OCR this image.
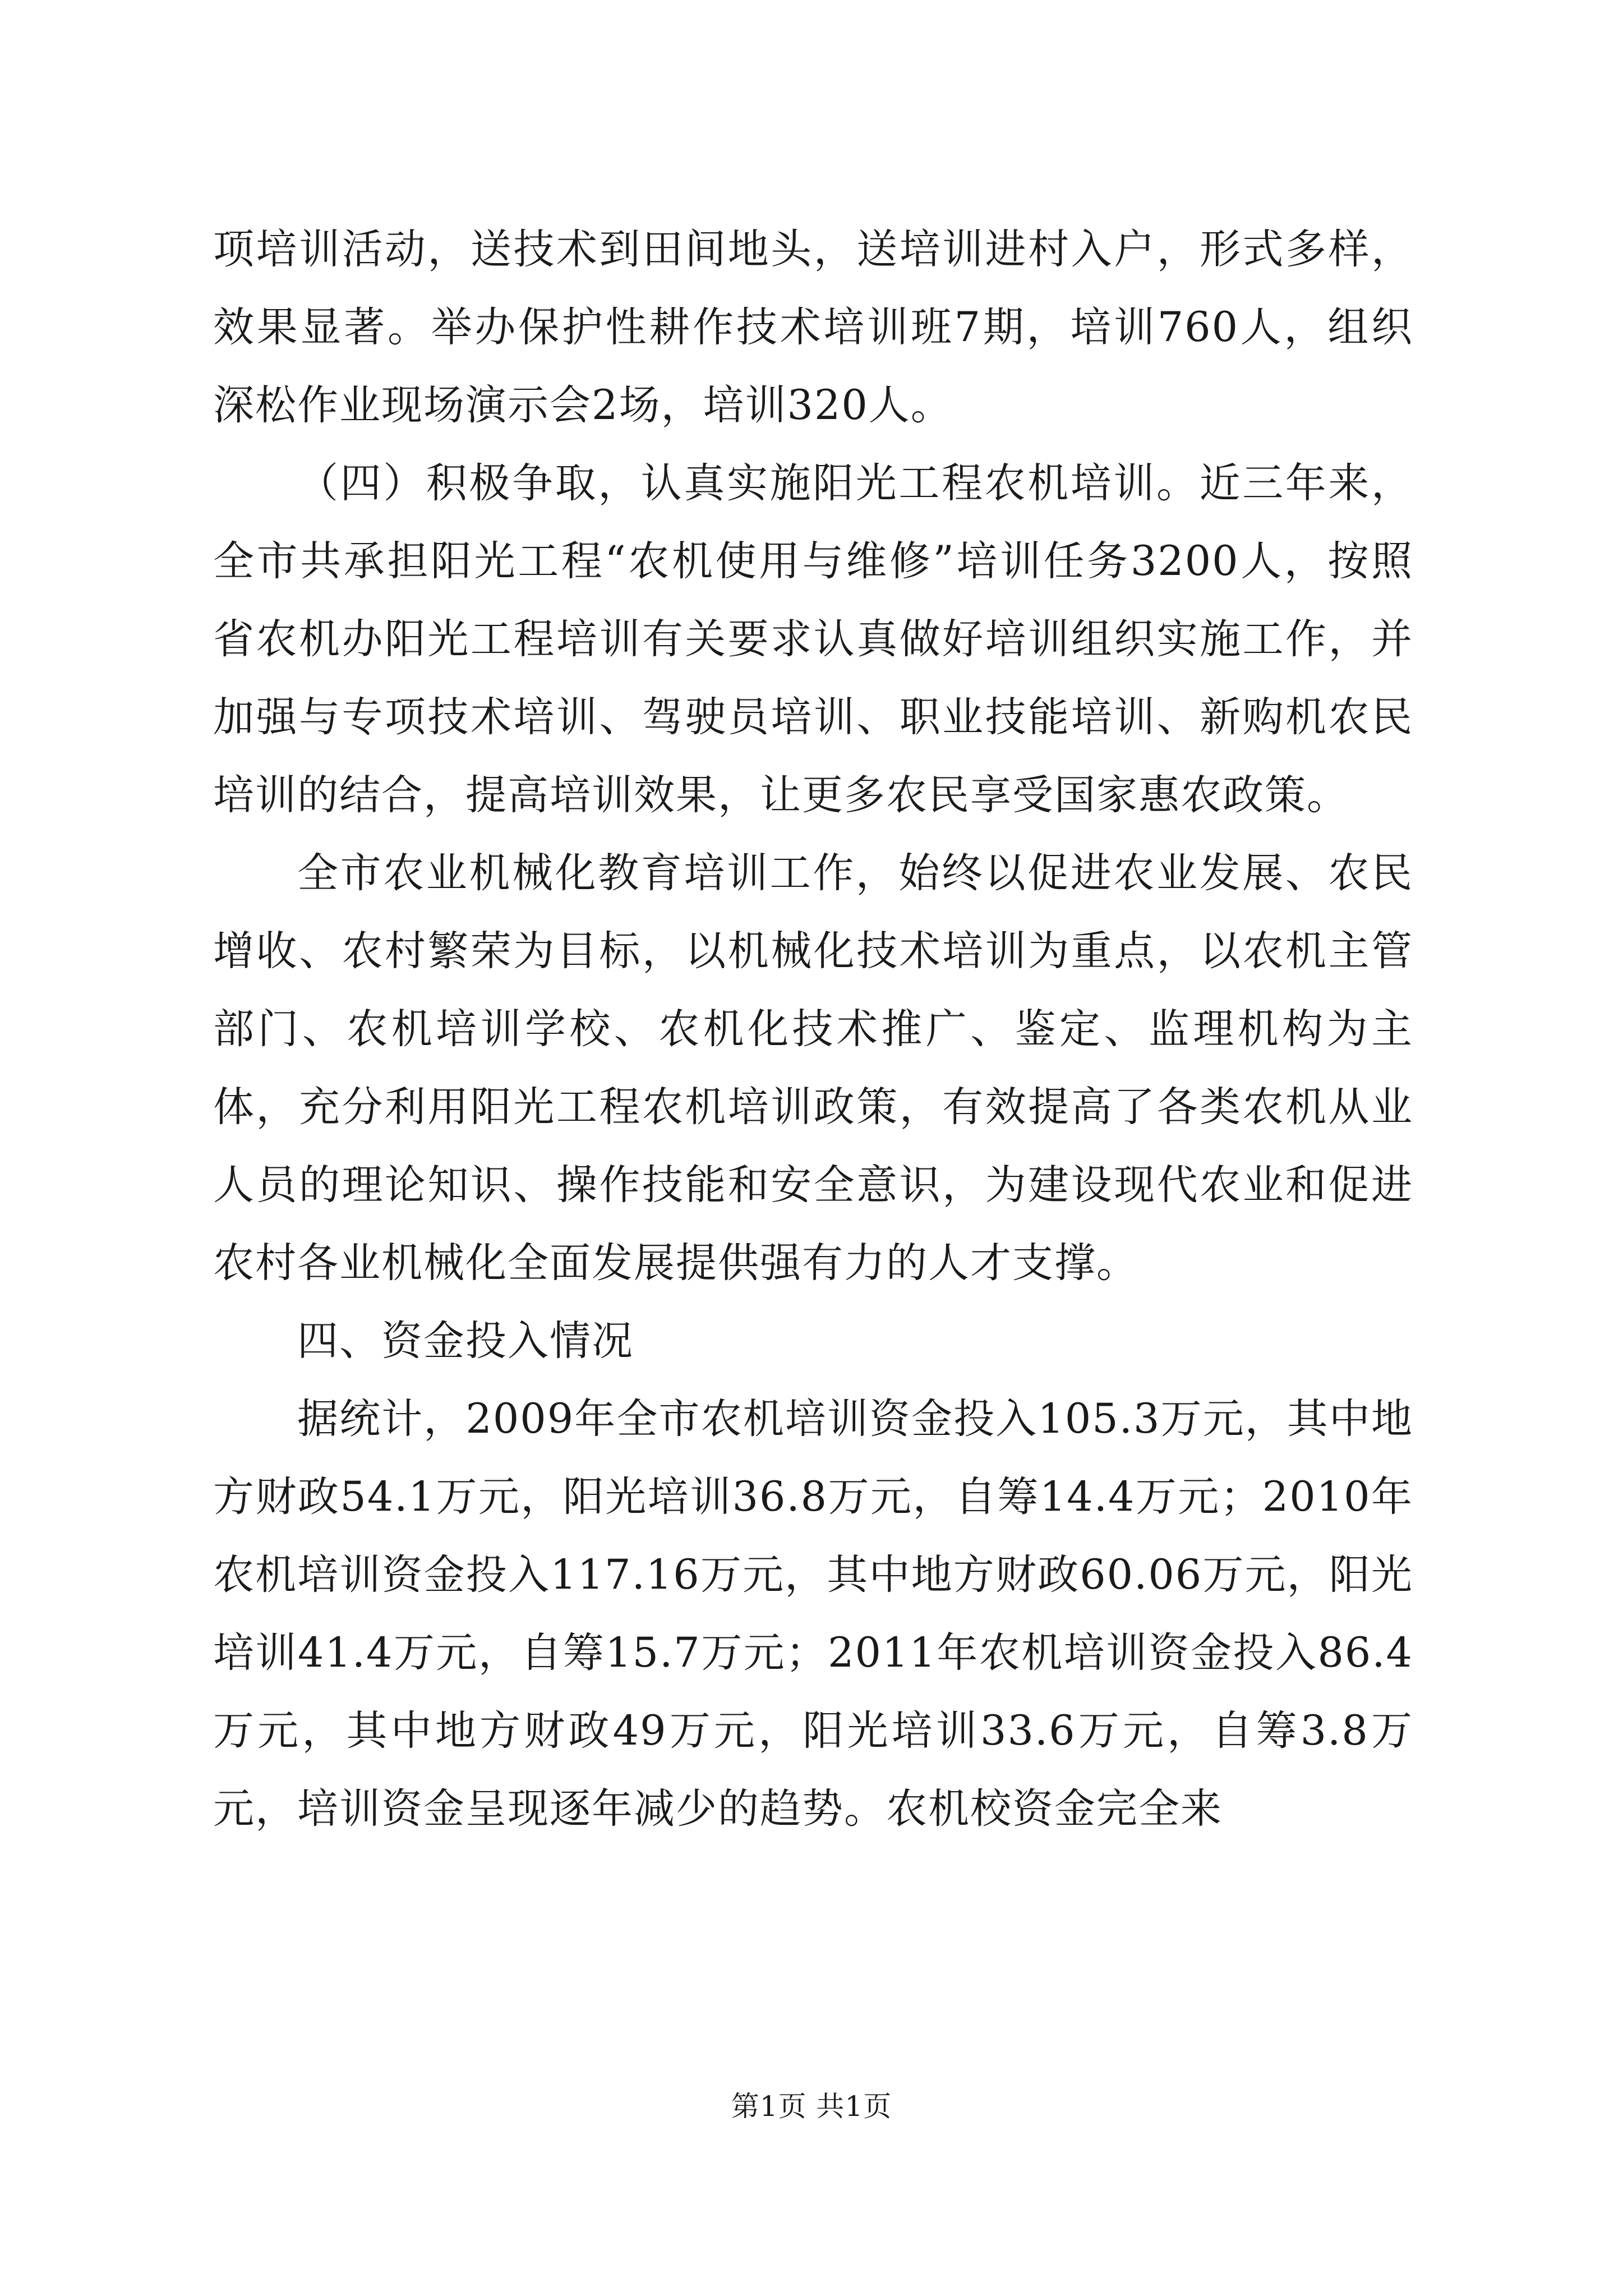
项培训活动，送技术到田间地头，送培训进村入户，形式多样，效果显著。举办保护性耕作技术培训班7期，培训760人，组织深松作业现场演示会2场，培训320人。

（四）积极争取，认真实施阳光工程农机培训。近三年来，全市共承担阳光工程“农机使用与维修”培训任务3200人，按照省农机办阳光工程培训有关要求认真做好培训组织实施工作，并加强与专项技术培训、驾驶员培训、职业技能培训、新购机农民培训的结合，提高培训效果，让更多农民享受国家惠农政策。

全市农业机械化教育培训工作，始终以促进农业发展、农民增收、农村繁荣为目标，以机械化技术培训为重点，以农机主管部门、农机培训学校、农机化技术推广、鉴定、监理机构为主体，充分利用阳光工程农机培训政策，有效提高了各类农机从业人员的理论知识、操作技能和安全意识，为建设现代农业和促进农村各业机械化全面发展提供强有力的人才支撑。

四、资金投入情况

据统计，2009年全市农机培训资金投入105.3万元，其中地方财政54.1万元，阳光培训36.8万元，自筹14.4万元；2010年农机培训资金投入117.16万元，其中地方财政60.06万元，阳光培训41.4万元，自筹15.7万元；2011年农机培训资金投入86.4万元，其中地方财政49万元，阳光培训33.6万元，自筹3.8万元，培训资金呈现逐年减少的趋势。农机校资金完全来

第1页 共1页
